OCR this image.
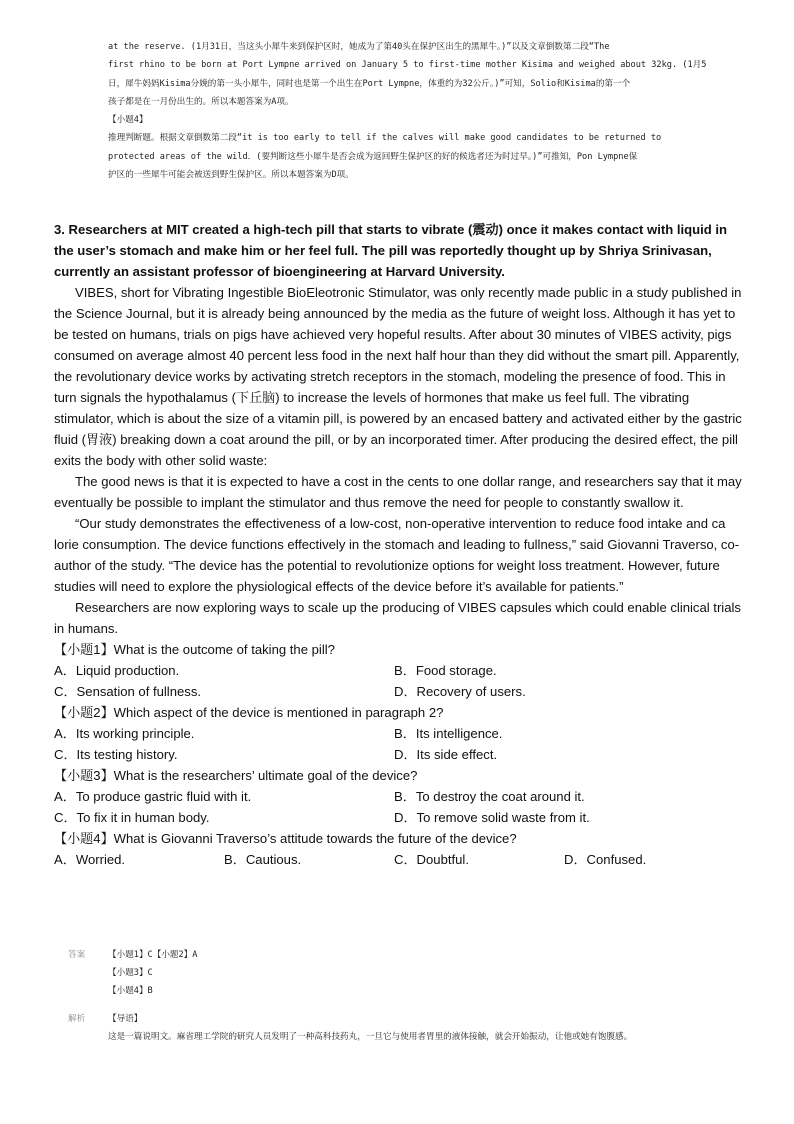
at the reserve. (1月31日，当这头小犀牛来到保护区时，她成为了第40头在保护区出生的黑犀牛。)”以及文章倒数第二段“The

first rhino to be born at Port Lympne arrived on January 5 to first-time mother Kisima and weighed about 32kg. (1月5

日，犀牛妈妈Kisima分娩的第一头小犀牛，同时也是第一个出生在Port Lympne，体重约为32公斤。)”可知，Solio和Kisima的第一个

孩子都是在一月份出生的。所以本题答案为A项。

【小题4】

推理判断题。根据文章倒数第二段“it is too early to tell if the calves will make good candidates to be returned to

protected areas of the wild．(要判断这些小犀牛是否会成为返回野生保护区的好的候选者还为时过早。)”可推知，Pon Lympne保

护区的一些犀牛可能会被送到野生保护区。所以本题答案为D项。

3. Researchers at MIT created a high-tech pill that starts to vibrate (震动) once it makes contact with liquid in the user’s stomach and make him or her feel full. The pill was reportedly thought up by Shriya Srinivasan, currently an assistant professor of bioengineering at Harvard University.

VIBES, short for Vibrating Ingestible BioEleotronic Stimulator, was only recently made public in a study published in the Science Journal, but it is already being announced by the media as the future of weight loss. Although it has yet to be tested on humans, trials on pigs have achieved very hopeful results. After about 30 minutes of VIBES activity, pigs consumed on average almost 40 percent less food in the next half hour than they did without the smart pill. Apparently, the revolutionary device works by activating stretch receptors in the stomach, modeling the presence of food. This in turn signals the hypothalamus (下丘脑) to increase the levels of hormones that make us feel full. The vibrating stimulator, which is about the size of a vitamin pill, is powered by an encased battery and activated either by the gastric fluid (胃液) breaking down a coat around the pill, or by an incorporated timer. After producing the desired effect, the pill exits the body with other solid waste:

The good news is that it is expected to have a cost in the cents to one dollar range, and researchers say that it may eventually be possible to implant the stimulator and thus remove the need for people to constantly swallow it.

“Our study demonstrates the effectiveness of a low-cost, non-operative intervention to reduce food intake and ca lorie consumption. The device functions effectively in the stomach and leading to fullness,” said Giovanni Traverso, co-author of the study. “The device has the potential to revolutionize options for weight loss treatment. However, future studies will need to explore the physiological effects of the device before it’s available for patients.”

Researchers are now exploring ways to scale up the producing of VIBES capsules which could enable clinical trials in humans.

【小题1】What is the outcome of taking the pill?

A．Liquid production.	B．Food storage.
C．Sensation of fullness.	D．Recovery of users.

【小题2】Which aspect of the device is mentioned in paragraph 2?

A．Its working principle.	B．Its intelligence.
C．Its testing history.	D．Its side effect.

【小题3】What is the researchers’ ultimate goal of the device?

A．To produce gastric fluid with it.	B．To destroy the coat around it.
C．To fix it in human body.	D．To remove solid waste from it.

【小题4】What is Giovanni Traverso’s attitude towards the future of the device?

A．Worried.	B．Cautious.	C．Doubtful.	D．Confused.
答案	【小题1】C【小题2】A
【小题3】C
【小题4】B
解析	【导语】
这是一篇说明文。麻省理工学院的研究人员发明了一种高科技药丸，一旦它与使用者胃里的液体接触，就会开始振动，让他或她有饱腹感。
